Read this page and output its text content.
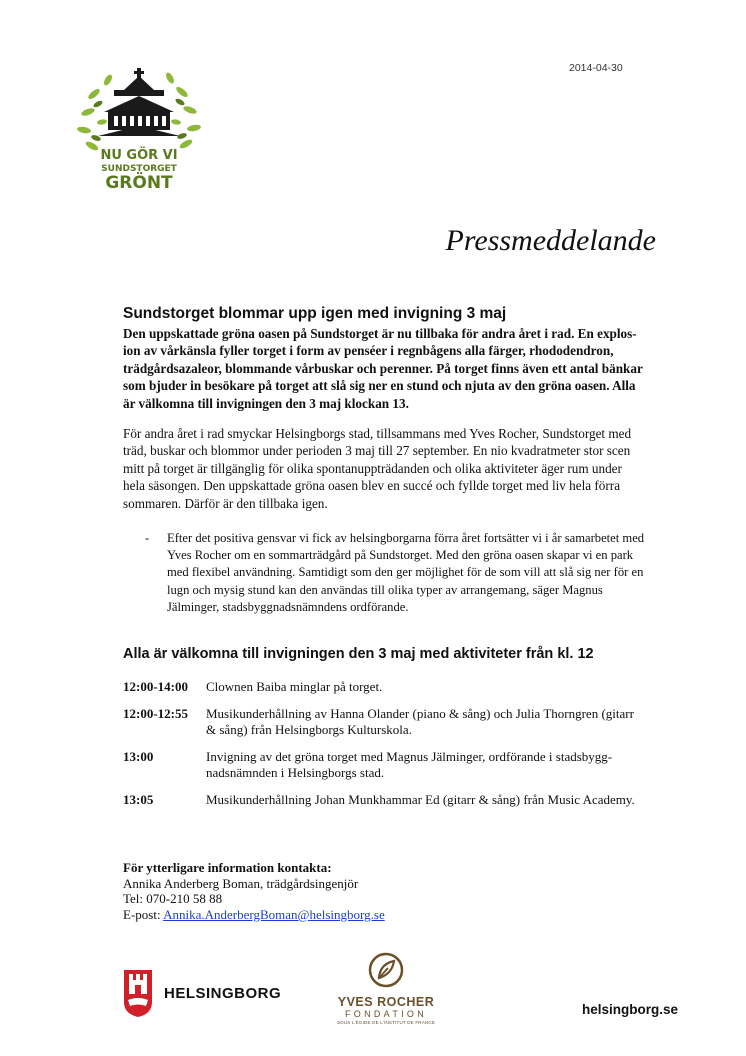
2014-04-30
NU GÖR VI
SUNDSTORGET
GRÖNT
Pressmeddelande
Sundstorget blommar upp igen med invigning 3 maj
Den uppskattade gröna oasen på Sundstorget är nu tillbaka för andra året i rad. En explos-ion av vårkänsla fyller torget i form av penséer i regnbågens alla färger, rhododendron, trädgårdsazaleor, blommande vårbuskar och perenner. På torget finns även ett antal bänkar som bjuder in besökare på torget att slå sig ner en stund och njuta av den gröna oasen. Alla är välkomna till invigningen den 3 maj klockan 13.
För andra året i rad smyckar Helsingborgs stad, tillsammans med Yves Rocher, Sundstorget med träd, buskar och blommor under perioden 3 maj till 27 september. En nio kvadratmeter stor scen mitt på torget är tillgänglig för olika spontanuppträdanden och olika aktiviteter äger rum under hela säsongen. Den uppskattade gröna oasen blev en succé och fyllde torget med liv hela förra sommaren. Därför är den tillbaka igen.
-	Efter det positiva gensvar vi fick av helsingborgarna förra året fortsätter vi i år samarbetet med Yves Rocher om en sommarträdgård på Sundstorget. Med den gröna oasen skapar vi en park med flexibel användning. Samtidigt som den ger möjlighet för de som vill att slå sig ner för en lugn och mysig stund kan den användas till olika typer av arrangemang, säger Magnus Jälminger, stadsbyggnadsnämndens ordförande.
Alla är välkomna till invigningen den 3 maj med aktiviteter från kl. 12
12:00-14:00	Clownen Baiba minglar på torget.
12:00-12:55	Musikunderhållning av Hanna Olander (piano & sång) och Julia Thorngren (gitarr & sång) från Helsingborgs Kulturskola.
13:00	Invigning av det gröna torget med Magnus Jälminger, ordförande i stadsbygg-nadsnämnden i Helsingborgs stad.
13:05	Musikunderhållning Johan Munkhammar Ed (gitarr & sång) från Music Academy.
För ytterligare information kontakta:
Annika Anderberg Boman, trädgårdsingenjör
Tel: 070-210 58 88
E-post: Annika.AnderbergBoman@helsingborg.se
HELSINGBORG
YVES ROCHER
FONDATION
SOUS L'ÉGIDE DE L'INSTITUT DE FRANCE
helsingborg.se
